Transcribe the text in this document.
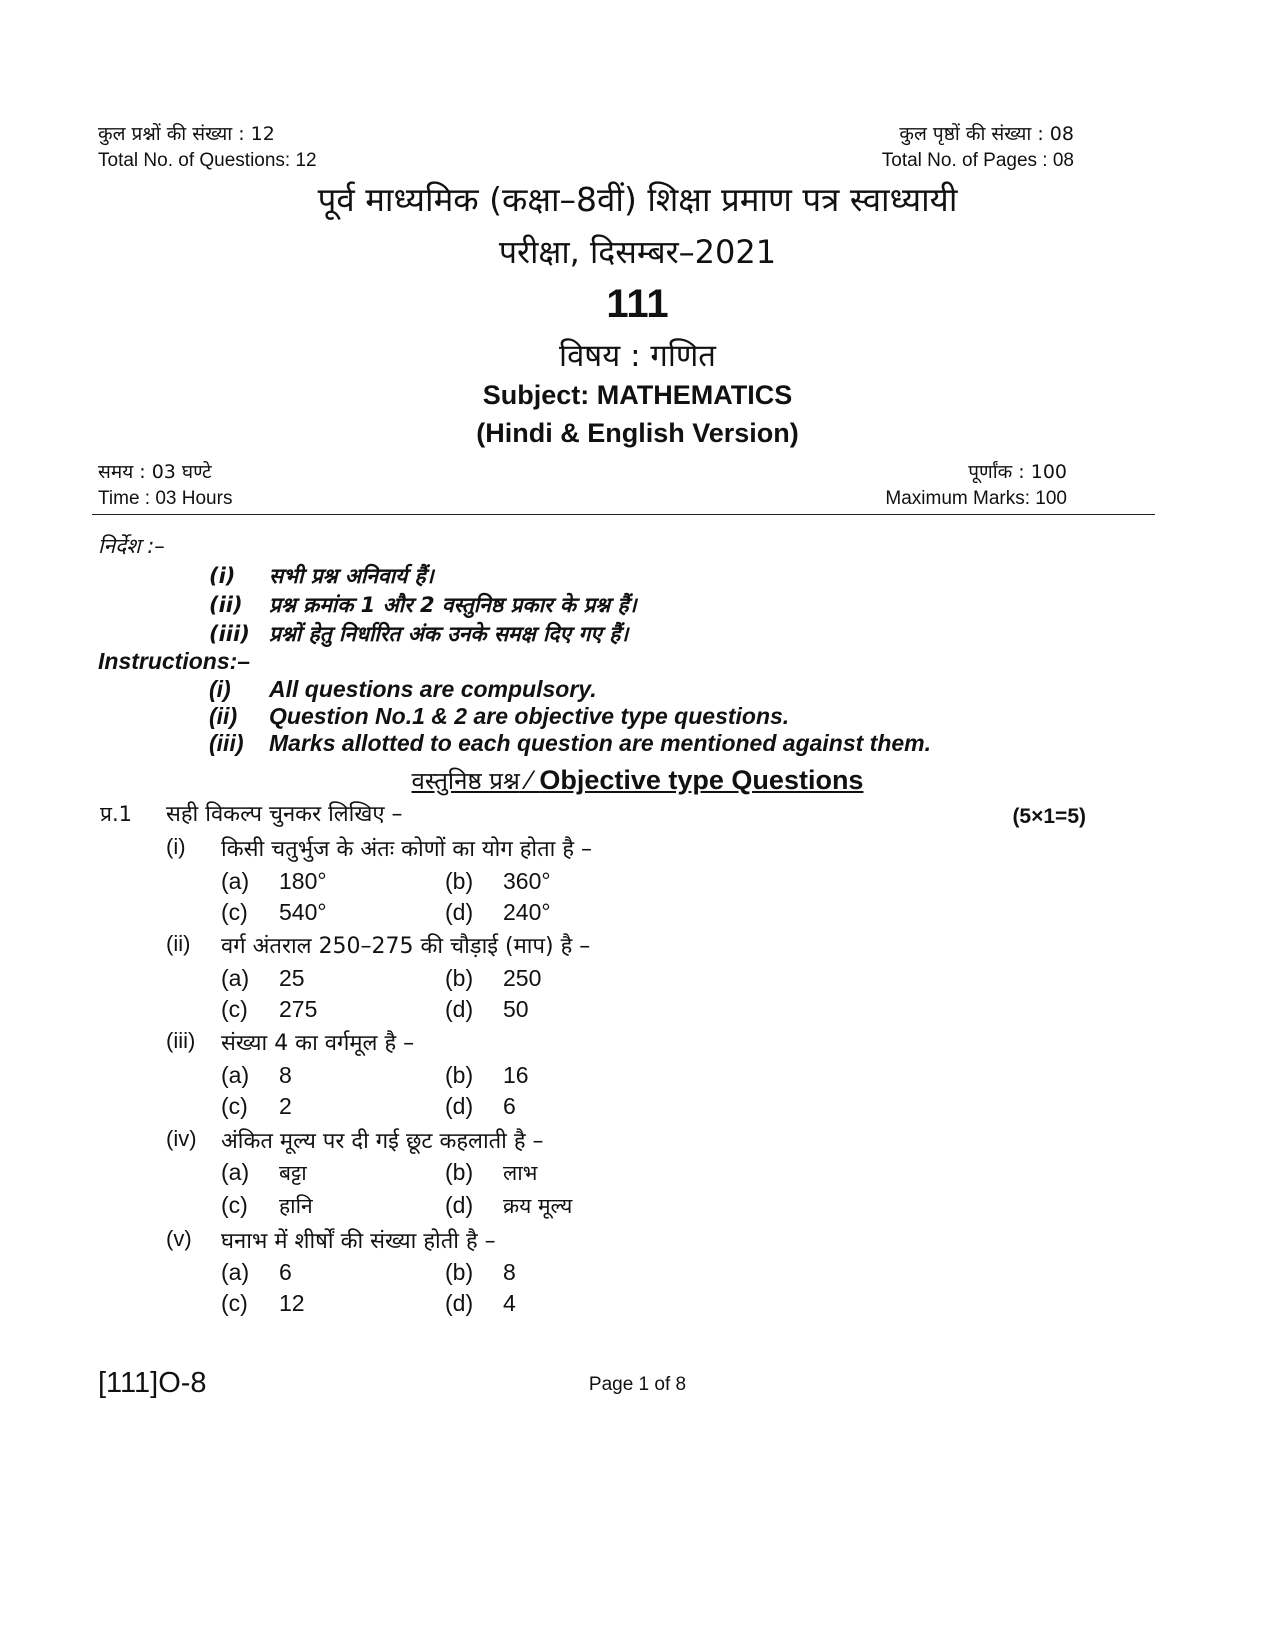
कुल प्रश्नों की संख्या : 12
Total No. of Questions: 12
कुल पृष्ठों की संख्या : 08
Total No. of Pages : 08
पूर्व माध्यमिक (कक्षा–8वीं) शिक्षा प्रमाण पत्र स्वाध्यायी
परीक्षा, दिसम्बर–2021
111
विषय : गणित
Subject: MATHEMATICS
(Hindi & English Version)
समय : 03 घण्टे
Time : 03 Hours
पूर्णांक : 100
Maximum Marks: 100
निर्देश :–
(i) सभी प्रश्न अनिवार्य हैं।
(ii) प्रश्न क्रमांक 1 और 2 वस्तुनिष्ठ प्रकार के प्रश्न हैं।
(iii) प्रश्नों हेतु निर्धारित अंक उनके समक्ष दिए गए हैं।
Instructions:–
(i) All questions are compulsory.
(ii) Question No.1 & 2 are objective type questions.
(iii) Marks allotted to each question are mentioned against them.
वस्तुनिष्ठ प्रश्न ⁄ Objective type Questions
प्र.1 सही विकल्प चुनकर लिखिए –	(5×1=5)
(i) किसी चतुर्भुज के अंतः कोणों का योग होता है –
(a) 180°	(b) 360°
(c) 540°	(d) 240°
(ii) वर्ग अंतराल 250–275 की चौड़ाई (माप) है –
(a) 25	(b) 250
(c) 275	(d) 50
(iii) संख्या 4 का वर्गमूल है –
(a) 8	(b) 16
(c) 2	(d) 6
(iv) अंकित मूल्य पर दी गई छूट कहलाती है –
(a) बट्टा	(b) लाभ
(c) हानि	(d) क्रय मूल्य
(v) घनाभ में शीर्षों की संख्या होती है –
(a) 6	(b) 8
(c) 12	(d) 4
[111]O-8	Page 1 of 8
